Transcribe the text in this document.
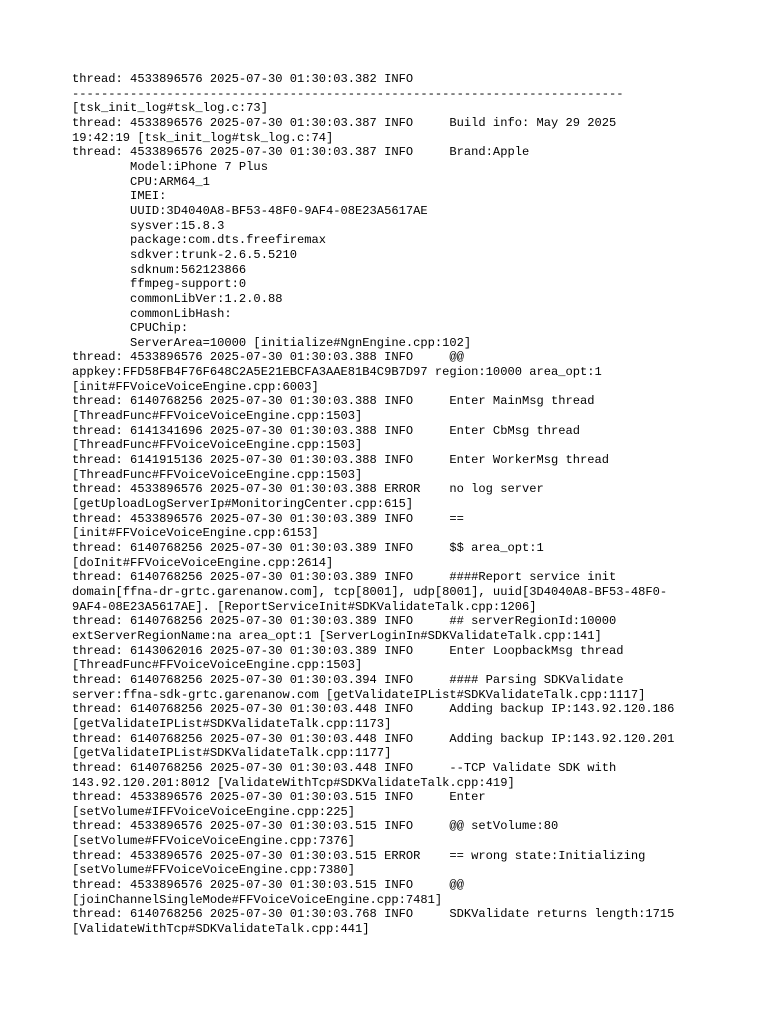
thread: 4533896576 2025-07-30 01:30:03.382 INFO
----------------------------------------------------------------------------
[tsk_init_log#tsk_log.c:73]
thread: 4533896576 2025-07-30 01:30:03.387 INFO     Build info: May 29 2025
19:42:19 [tsk_init_log#tsk_log.c:74]
thread: 4533896576 2025-07-30 01:30:03.387 INFO     Brand:Apple
Model:iPhone 7 Plus
CPU:ARM64_1
IMEI:
UUID:3D4040A8-BF53-48F0-9AF4-08E23A5617AE
sysver:15.8.3
package:com.dts.freefiremax
sdkver:trunk-2.6.5.5210
sdknum:562123866
ffmpeg-support:0
commonLibVer:1.2.0.88
commonLibHash:
CPUChip:
ServerArea=10000 [initialize#NgnEngine.cpp:102]
thread: 4533896576 2025-07-30 01:30:03.388 INFO     @@
appkey:FFD58FB4F76F648C2A5E21EBCFA3AAE81B4C9B7D97 region:10000 area_opt:1
[init#FFVoiceVoiceEngine.cpp:6003]
thread: 6140768256 2025-07-30 01:30:03.388 INFO     Enter MainMsg thread
[ThreadFunc#FFVoiceVoiceEngine.cpp:1503]
thread: 6141341696 2025-07-30 01:30:03.388 INFO     Enter CbMsg thread
[ThreadFunc#FFVoiceVoiceEngine.cpp:1503]
thread: 6141915136 2025-07-30 01:30:03.388 INFO     Enter WorkerMsg thread
[ThreadFunc#FFVoiceVoiceEngine.cpp:1503]
thread: 4533896576 2025-07-30 01:30:03.388 ERROR    no log server
[getUploadLogServerIp#MonitoringCenter.cpp:615]
thread: 4533896576 2025-07-30 01:30:03.389 INFO     ==
[init#FFVoiceVoiceEngine.cpp:6153]
thread: 6140768256 2025-07-30 01:30:03.389 INFO     $$ area_opt:1
[doInit#FFVoiceVoiceEngine.cpp:2614]
thread: 6140768256 2025-07-30 01:30:03.389 INFO     ####Report service init
domain[ffna-dr-grtc.garenanow.com], tcp[8001], udp[8001], uuid[3D4040A8-BF53-48F0-
9AF4-08E23A5617AE]. [ReportServiceInit#SDKValidateTalk.cpp:1206]
thread: 6140768256 2025-07-30 01:30:03.389 INFO     ## serverRegionId:10000
extServerRegionName:na area_opt:1 [ServerLoginIn#SDKValidateTalk.cpp:141]
thread: 6143062016 2025-07-30 01:30:03.389 INFO     Enter LoopbackMsg thread
[ThreadFunc#FFVoiceVoiceEngine.cpp:1503]
thread: 6140768256 2025-07-30 01:30:03.394 INFO     #### Parsing SDKValidate
server:ffna-sdk-grtc.garenanow.com [getValidateIPList#SDKValidateTalk.cpp:1117]
thread: 6140768256 2025-07-30 01:30:03.448 INFO     Adding backup IP:143.92.120.186
[getValidateIPList#SDKValidateTalk.cpp:1173]
thread: 6140768256 2025-07-30 01:30:03.448 INFO     Adding backup IP:143.92.120.201
[getValidateIPList#SDKValidateTalk.cpp:1177]
thread: 6140768256 2025-07-30 01:30:03.448 INFO     --TCP Validate SDK with
143.92.120.201:8012 [ValidateWithTcp#SDKValidateTalk.cpp:419]
thread: 4533896576 2025-07-30 01:30:03.515 INFO     Enter
[setVolume#IFFVoiceVoiceEngine.cpp:225]
thread: 4533896576 2025-07-30 01:30:03.515 INFO     @@ setVolume:80
[setVolume#FFVoiceVoiceEngine.cpp:7376]
thread: 4533896576 2025-07-30 01:30:03.515 ERROR    == wrong state:Initializing
[setVolume#FFVoiceVoiceEngine.cpp:7380]
thread: 4533896576 2025-07-30 01:30:03.515 INFO     @@
[joinChannelSingleMode#FFVoiceVoiceEngine.cpp:7481]
thread: 6140768256 2025-07-30 01:30:03.768 INFO     SDKValidate returns length:1715
[ValidateWithTcp#SDKValidateTalk.cpp:441]
